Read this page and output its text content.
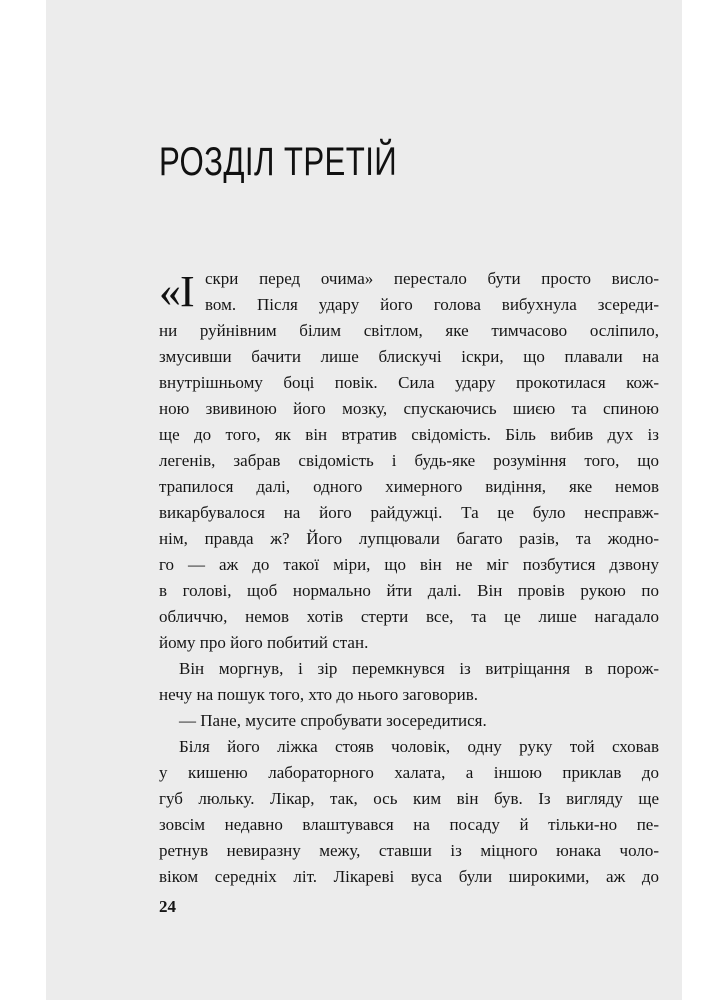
РОЗДІЛ ТРЕТІЙ
«І скри перед очима» перестало бути просто висло-
вом. Після удару його голова вибухнула зсереди-
ни руйнівним білим світлом, яке тимчасово осліпило,
змусивши бачити лише блискучі іскри, що плавали на
внутрішньому боці повік. Сила удару прокотилася кож-
ною звивиною його мозку, спускаючись шиєю та спиною
ще до того, як він втратив свідомість. Біль вибив дух із
легенів, забрав свідомість і будь-яке розуміння того, що
трапилося далі, одного химерного видіння, яке немов
викарбувалося на його райдужці. Та це було несправж-
нім, правда ж? Його лупцювали багато разів, та жодно-
го — аж до такої міри, що він не міг позбутися дзвону
в голові, щоб нормально йти далі. Він провів рукою по
обличчю, немов хотів стерти все, та це лише нагадало
йому про його побитий стан.
Він моргнув, і зір перемкнувся із витріщання в порож-
нечу на пошук того, хто до нього заговорив.
— Пане, мусите спробувати зосередитися.
Біля його ліжка стояв чоловік, одну руку той сховав
у кишеню лабораторного халата, а іншою приклав до
губ люльку. Лікар, так, ось ким він був. Із вигляду ще
зовсім недавно влаштувався на посаду й тільки-но пе-
ретнув невиразну межу, ставши із міцного юнака чоло-
віком середніх літ. Лікареві вуса були широкими, аж до
24
